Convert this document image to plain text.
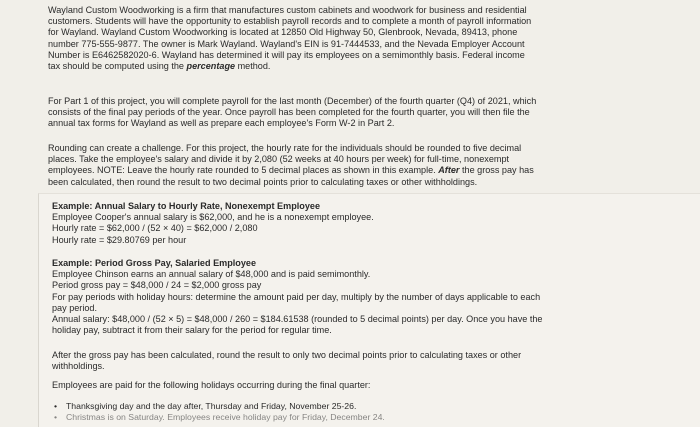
Wayland Custom Woodworking is a firm that manufactures custom cabinets and woodwork for business and residential
customers. Students will have the opportunity to establish payroll records and to complete a month of payroll information
for Wayland. Wayland Custom Woodworking is located at 12850 Old Highway 50, Glenbrook, Nevada, 89413, phone
number 775-555-9877. The owner is Mark Wayland. Wayland's EIN is 91-7444533, and the Nevada Employer Account
Number is E6462582020-6. Wayland has determined it will pay its employees on a semimonthly basis. Federal income
tax should be computed using the percentage method.
For Part 1 of this project, you will complete payroll for the last month (December) of the fourth quarter (Q4) of 2021, which
consists of the final pay periods of the year. Once payroll has been completed for the fourth quarter, you will then file the
annual tax forms for Wayland as well as prepare each employee's Form W-2 in Part 2.
Rounding can create a challenge. For this project, the hourly rate for the individuals should be rounded to five decimal
places. Take the employee's salary and divide it by 2,080 (52 weeks at 40 hours per week) for full-time, nonexempt
employees. NOTE: Leave the hourly rate rounded to 5 decimal places as shown in this example. After the gross pay has
been calculated, then round the result to two decimal points prior to calculating taxes or other withholdings.
Example: Annual Salary to Hourly Rate, Nonexempt Employee
Employee Cooper's annual salary is $62,000, and he is a nonexempt employee.
Hourly rate = $62,000 / (52 × 40) = $62,000 / 2,080
Hourly rate = $29.80769 per hour
Example: Period Gross Pay, Salaried Employee
Employee Chinson earns an annual salary of $48,000 and is paid semimonthly.
Period gross pay = $48,000 / 24 = $2,000 gross pay
For pay periods with holiday hours: determine the amount paid per day, multiply by the number of days applicable to each
pay period.
Annual salary: $48,000 / (52 × 5) = $48,000 / 260 = $184.61538 (rounded to 5 decimal points) per day. Once you have the
holiday pay, subtract it from their salary for the period for regular time.
After the gross pay has been calculated, round the result to only two decimal points prior to calculating taxes or other
withholdings.
Employees are paid for the following holidays occurring during the final quarter:
• Thanksgiving day and the day after, Thursday and Friday, November 25-26.
• Christmas is on Saturday. Employees receive holiday pay for Friday, December 24.
